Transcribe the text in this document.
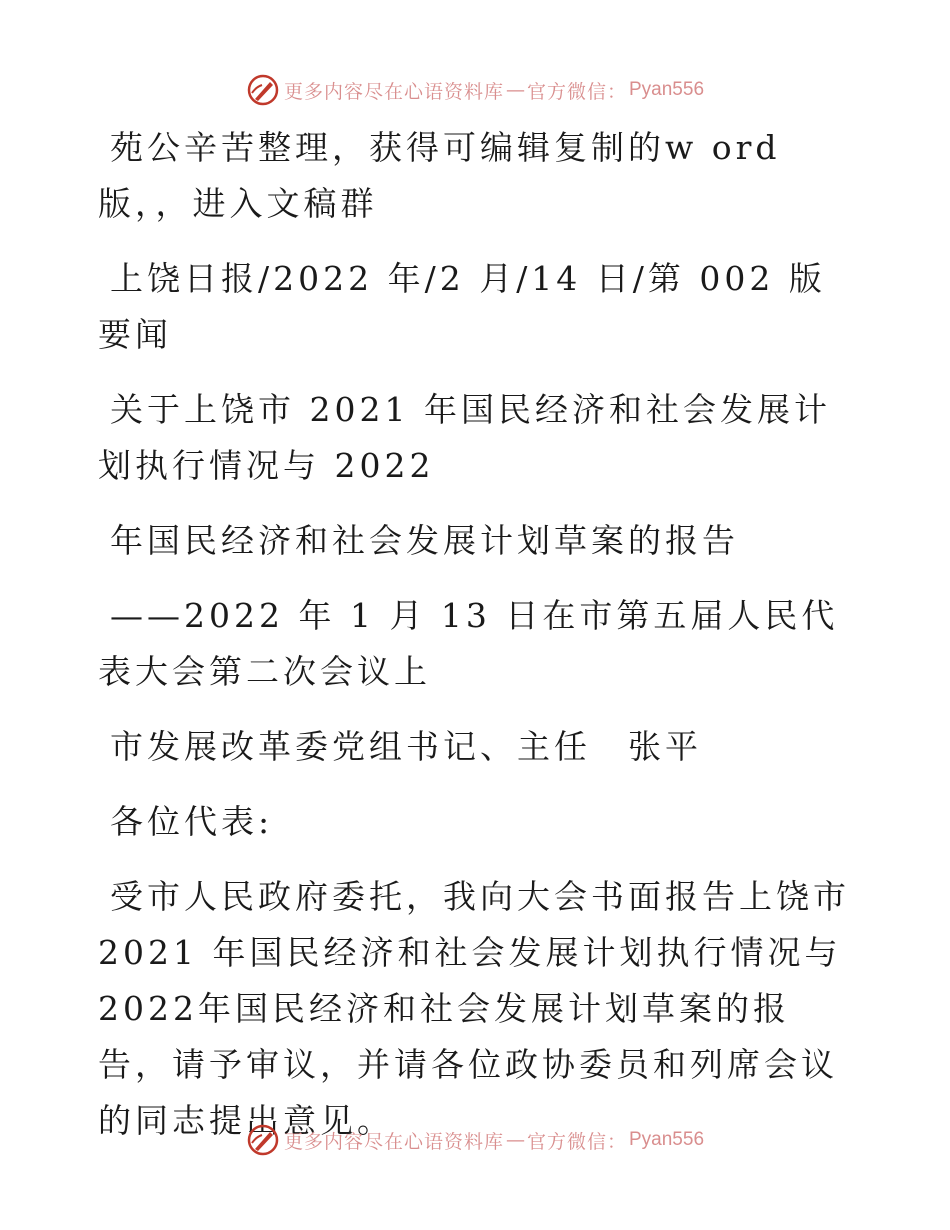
更多内容尽在心语资料库 — 官方微信： Pyan556

苑公辛苦整理，获得可编辑复制的w ord版，，进入文稿群

上饶日报/2022 年/2 月/14 日/第 002 版要闻

关于上饶市 2021 年国民经济和社会发展计划执行情况与 2022

年国民经济和社会发展计划草案的报告

——2022 年 1 月 13 日在市第五届人民代表大会第二次会议上

市发展改革委党组书记、主任　张平

各位代表:

受市人民政府委托，我向大会书面报告上饶市2021 年国民经济和社会发展计划执行情况与 2022年国民经济和社会发展计划草案的报告，请予审议，并请各位政协委员和列席会议的同志提出意见。

更多内容尽在心语资料库 — 官方微信： Pyan556
